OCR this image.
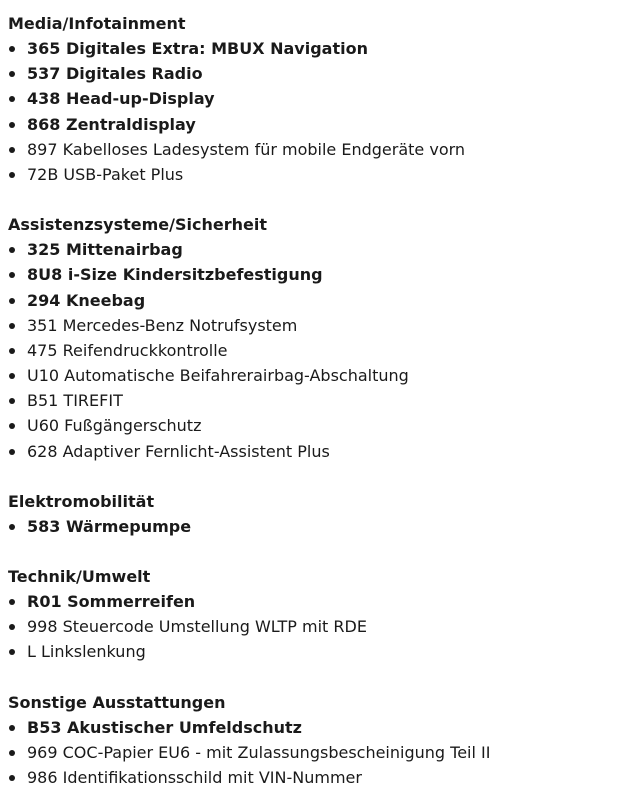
Media/Infotainment
365 Digitales Extra: MBUX Navigation
537 Digitales Radio
438 Head-up-Display
868 Zentraldisplay
897 Kabelloses Ladesystem für mobile Endgeräte vorn
72B USB-Paket Plus
Assistenzsysteme/Sicherheit
325 Mittenairbag
8U8 i-Size Kindersitzbefestigung
294 Kneebag
351 Mercedes-Benz Notrufsystem
475 Reifendruckkontrolle
U10 Automatische Beifahrerairbag-Abschaltung
B51 TIREFIT
U60 Fußgängerschutz
628 Adaptiver Fernlicht-Assistent Plus
Elektromobilität
583 Wärmepumpe
Technik/Umwelt
R01 Sommerreifen
998 Steuercode Umstellung WLTP mit RDE
L Linkslenkung
Sonstige Ausstattungen
B53 Akustischer Umfeldschutz
969 COC-Papier EU6 - mit Zulassungsbescheinigung Teil II
986 Identifikationsschild mit VIN-Nummer
